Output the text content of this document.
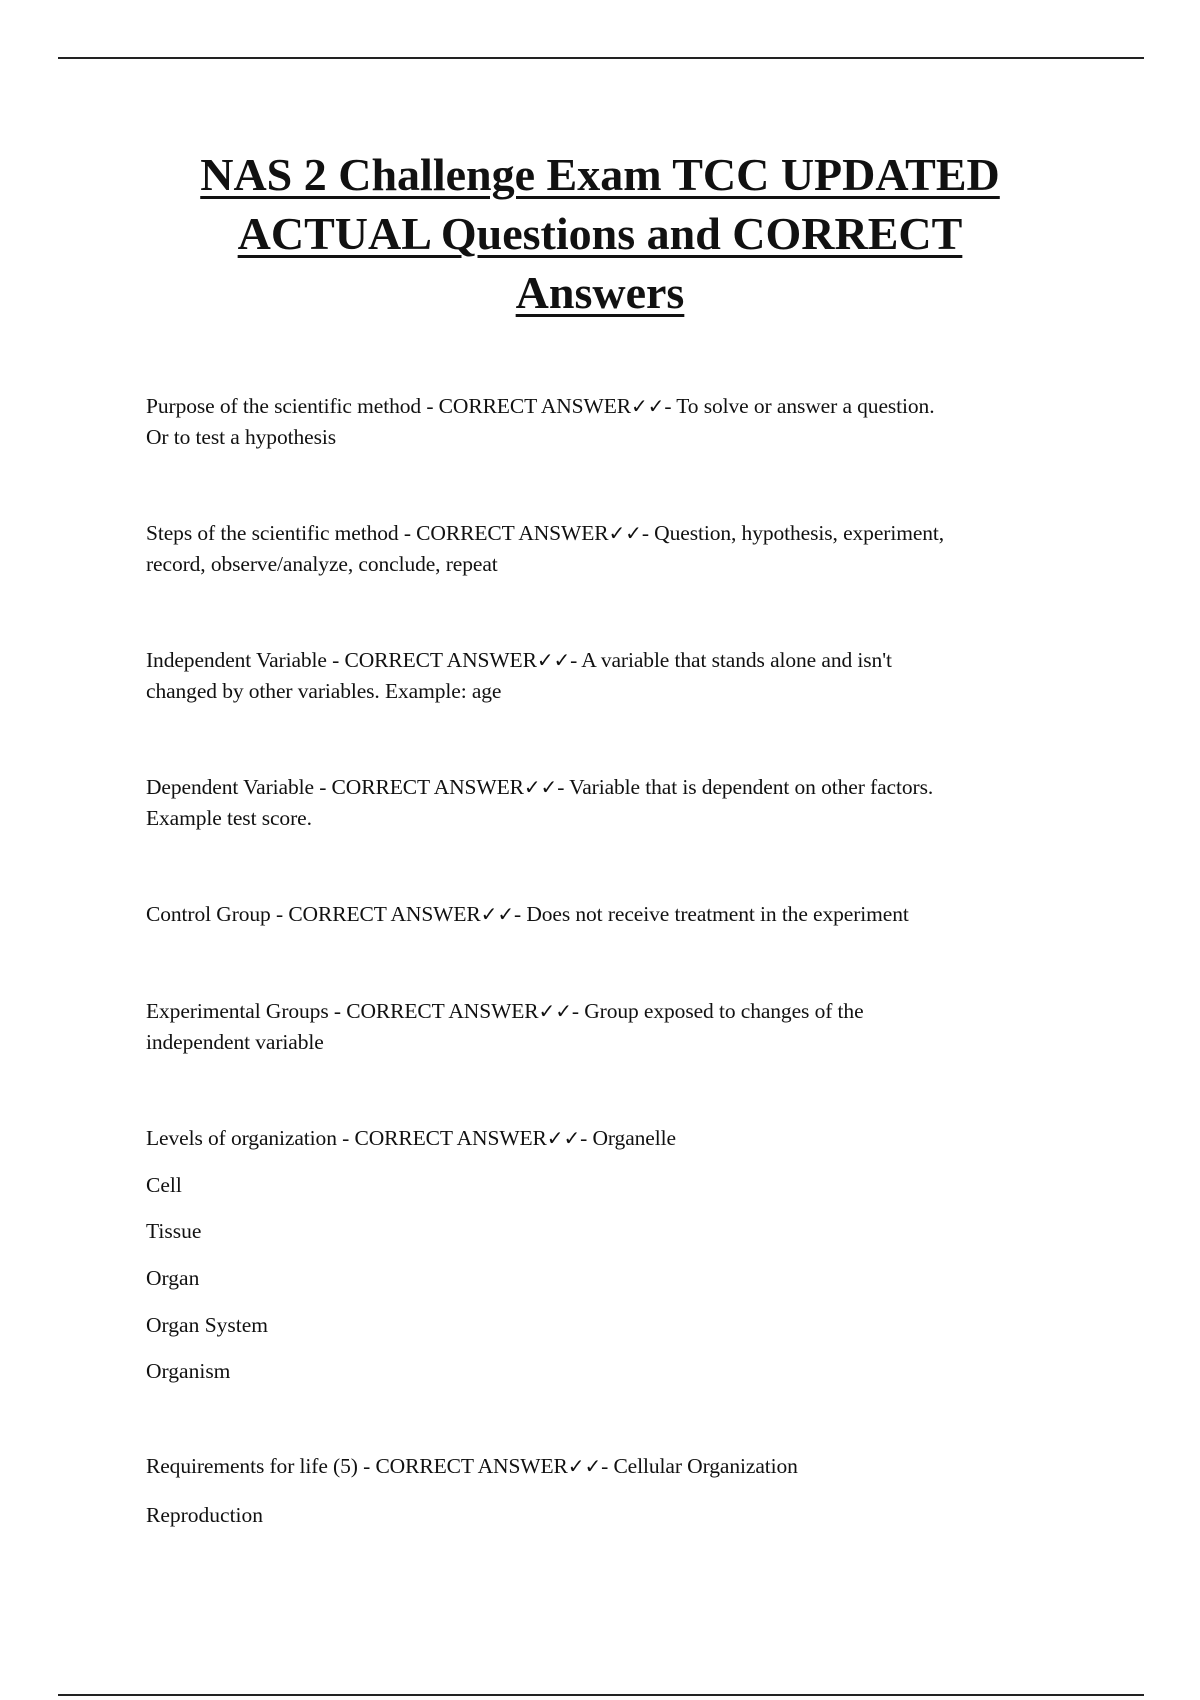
NAS 2 Challenge Exam TCC UPDATED
ACTUAL Questions and CORRECT
Answers

Purpose of the scientific method - CORRECT ANSWER✓✓- To solve or answer a question.
Or to test a hypothesis

Steps of the scientific method - CORRECT ANSWER✓✓- Question, hypothesis, experiment,
record, observe/analyze, conclude, repeat

Independent Variable - CORRECT ANSWER✓✓- A variable that stands alone and isn't
changed by other variables. Example: age

Dependent Variable - CORRECT ANSWER✓✓- Variable that is dependent on other factors.
Example test score.

Control Group - CORRECT ANSWER✓✓- Does not receive treatment in the experiment

Experimental Groups - CORRECT ANSWER✓✓- Group exposed to changes of the
independent variable

Levels of organization - CORRECT ANSWER✓✓- Organelle

Cell

Tissue

Organ

Organ System

Organism

Requirements for life (5) - CORRECT ANSWER✓✓- Cellular Organization

Reproduction
